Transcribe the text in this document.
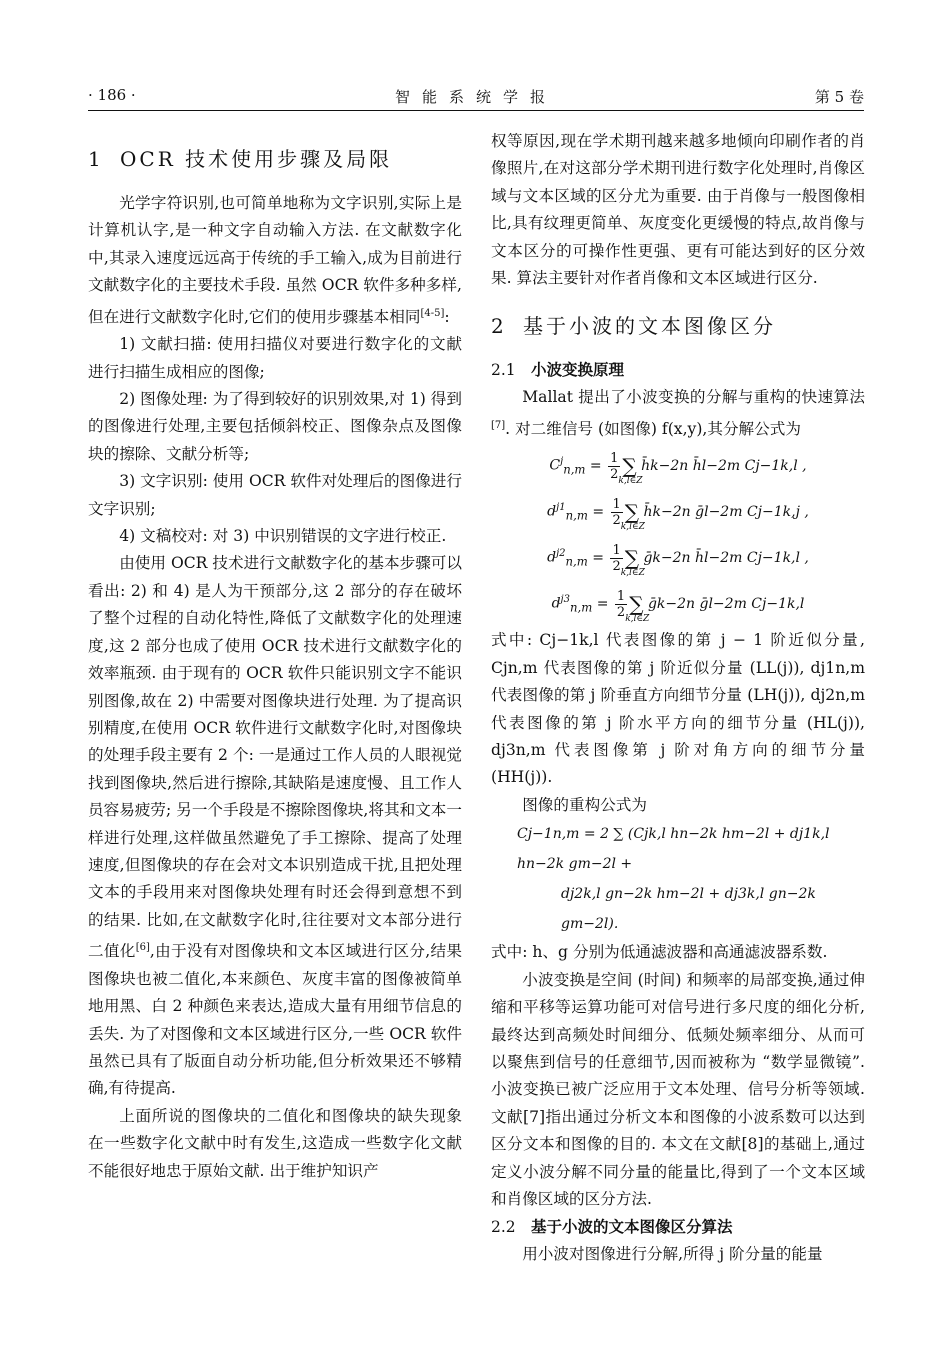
· 186 ·	智能系统学报	第 5 卷
1 OCR 技术使用步骤及局限

光学字符识别,也可简单地称为文字识别,实际上是计算机认字,是一种文字自动输入方法. 在文献数字化中,其录入速度远远高于传统的手工输入,成为目前进行文献数字化的主要技术手段. 虽然 OCR 软件多种多样,但在进行文献数字化时,它们的使用步骤基本相同[4-5]:

1) 文献扫描: 使用扫描仪对要进行数字化的文献进行扫描生成相应的图像;

2) 图像处理: 为了得到较好的识别效果,对 1) 得到的图像进行处理,主要包括倾斜校正、图像杂点及图像块的擦除、文献分析等;

3) 文字识别: 使用 OCR 软件对处理后的图像进行文字识别;

4) 文稿校对: 对 3) 中识别错误的文字进行校正.

由使用 OCR 技术进行文献数字化的基本步骤可以看出: 2) 和 4) 是人为干预部分,这 2 部分的存在破坏了整个过程的自动化特性,降低了文献数字化的处理速度,这 2 部分也成了使用 OCR 技术进行文献数字化的效率瓶颈. 由于现有的 OCR 软件只能识别文字不能识别图像,故在 2) 中需要对图像块进行处理. 为了提高识别精度,在使用 OCR 软件进行文献数字化时,对图像块的处理手段主要有 2 个: 一是通过工作人员的人眼视觉找到图像块,然后进行擦除,其缺陷是速度慢、且工作人员容易疲劳; 另一个手段是不擦除图像块,将其和文本一样进行处理,这样做虽然避免了手工擦除、提高了处理速度,但图像块的存在会对文本识别造成干扰,且把处理文本的手段用来对图像块处理有时还会得到意想不到的结果. 比如,在文献数字化时,往往要对文本部分进行二值化[6],由于没有对图像块和文本区域进行区分,结果图像块也被二值化,本来颜色、灰度丰富的图像被简单地用黑、白 2 种颜色来表达,造成大量有用细节信息的丢失. 为了对图像和文本区域进行区分,一些 OCR 软件虽然已具有了版面自动分析功能,但分析效果还不够精确,有待提高.

上面所说的图像块的二值化和图像块的缺失现象在一些数字化文献中时有发生,这造成一些数字化文献不能很好地忠于原始文献. 出于维护知识产

权等原因,现在学术期刊越来越多地倾向印刷作者的肖像照片,在对这部分学术期刊进行数字化处理时,肖像区域与文本区域的区分尤为重要. 由于肖像与一般图像相比,具有纹理更简单、灰度变化更缓慢的特点,故肖像与文本区分的可操作性更强、更有可能达到好的区分效果. 算法主要针对作者肖像和文本区域进行区分.

2 基于小波的文本图像区分
2.1 小波变换原理

Mallat 提出了小波变换的分解与重构的快速算法[7]. 对二维信号 (如图像) f(x,y),其分解公式为

$C^j_{n,m} = \frac{1}{2}$ ∑
k,l∈Z

h̄k−2n h̄l−2m Cj−1k,l ,
$d^{j1}_{n,m} = \frac{1}{2}$ ∑
k,l∈Z

h̄k−2n ḡl−2m Cj−1k,j ,
$d^{j2}_{n,m} = \frac{1}{2}$ ∑
k,l∈Z

ḡk−2n h̄l−2m Cj−1k,l ,
$d^{j3}_{n,m} = \frac{1}{2}$ ∑
k,l∈Z

ḡk−2n ḡl−2m Cj−1k,l

式中: Cj−1k,l 代表图像的第 j − 1 阶近似分量, Cjn,m 代表图像的第 j 阶近似分量 (LL(j)), dj1n,m 代表图像的第 j 阶垂直方向细节分量 (LH(j)), dj2n,m 代表图像的第 j 阶水平方向的细节分量 (HL(j)), dj3n,m 代表图像第 j 阶对角方向的细节分量 (HH(j)).

图像的重构公式为

Cj−1n,m = 2 ∑ (Cjk,l hn−2k hm−2l + dj1k,l hn−2k gm−2l +
dj2k,l gn−2k hm−2l + dj3k,l gn−2k gm−2l).

式中: h、g 分别为低通滤波器和高通滤波器系数.

小波变换是空间 (时间) 和频率的局部变换,通过伸缩和平移等运算功能可对信号进行多尺度的细化分析,最终达到高频处时间细分、低频处频率细分、从而可以聚焦到信号的任意细节,因而被称为 “数学显微镜”. 小波变换已被广泛应用于文本处理、信号分析等领域. 文献[7]指出通过分析文本和图像的小波系数可以达到区分文本和图像的目的. 本文在文献[8]的基础上,通过定义小波分解不同分量的能量比,得到了一个文本区域和肖像区域的区分方法.

2.2 基于小波的文本图像区分算法

用小波对图像进行分解,所得 j 阶分量的能量
